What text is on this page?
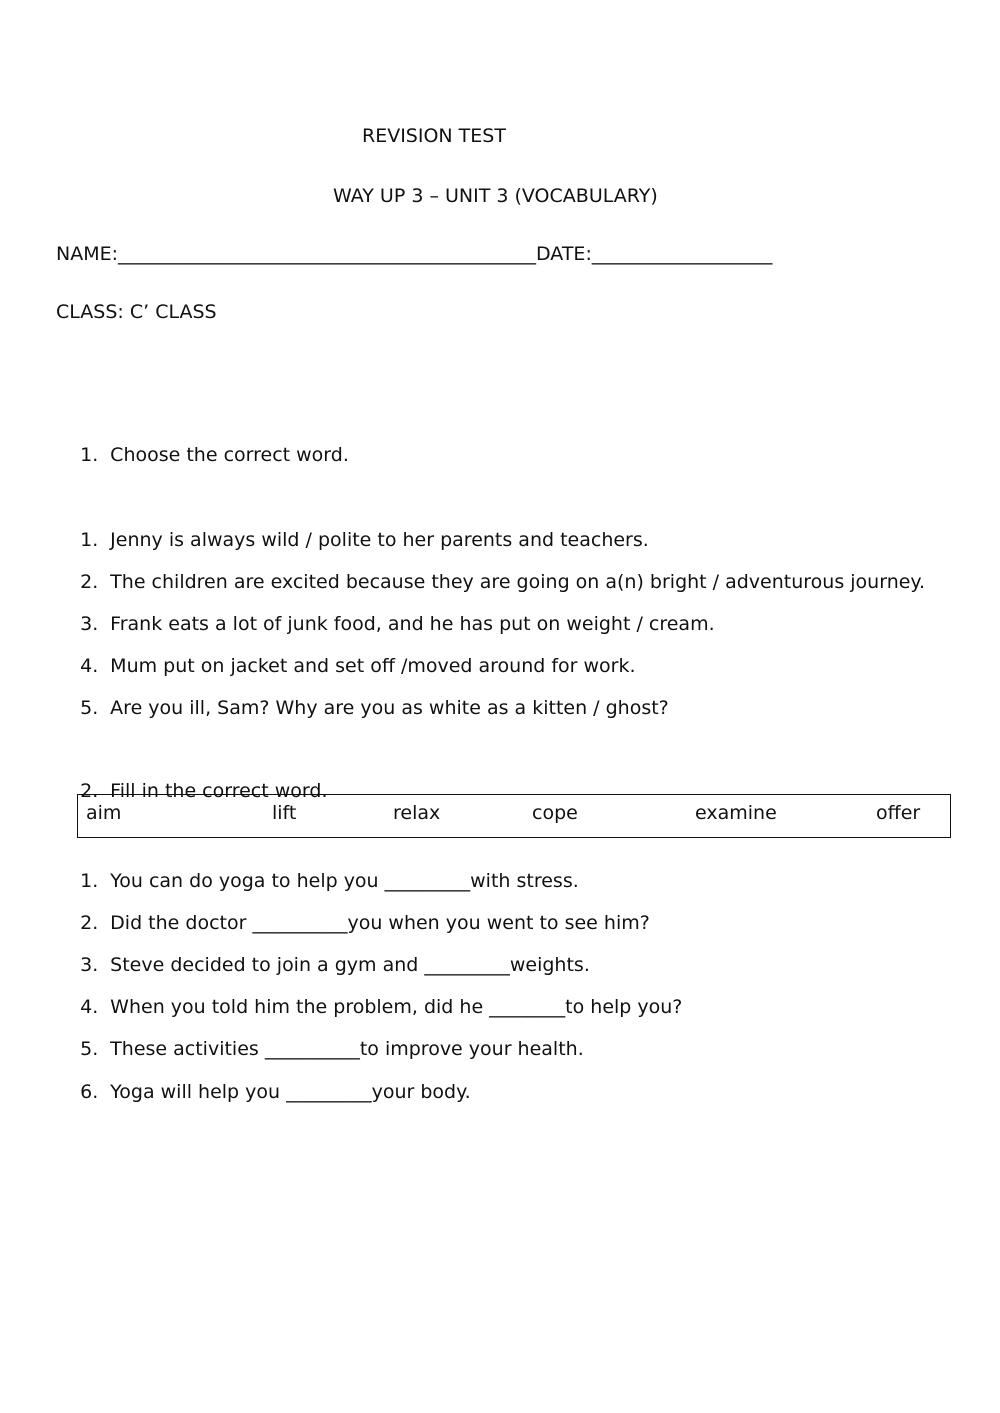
REVISION TEST
WAY UP 3 – UNIT 3 (VOCABULARY)
NAME:____________________________________________DATE:___________________
CLASS: C’ CLASS

1. Choose the correct word.

1. Jenny is always wild / polite to her parents and teachers.

2. The children are excited because they are going on a(n) bright / adventurous journey.

3. Frank eats a lot of junk food, and he has put on weight / cream.

4. Mum put on jacket and set off /moved around for work.

5. Are you ill, Sam? Why are you as white as a kitten / ghost?

2. Fill in the correct word.

aim	lift	relax	cope	examine	offer

1. You can do yoga to help you _________with stress.

2. Did the doctor __________you when you went to see him?

3. Steve decided to join a gym and _________weights.

4. When you told him the problem, did he ________to help you?

5. These activities __________to improve your health.

6. Yoga will help you _________your body.
